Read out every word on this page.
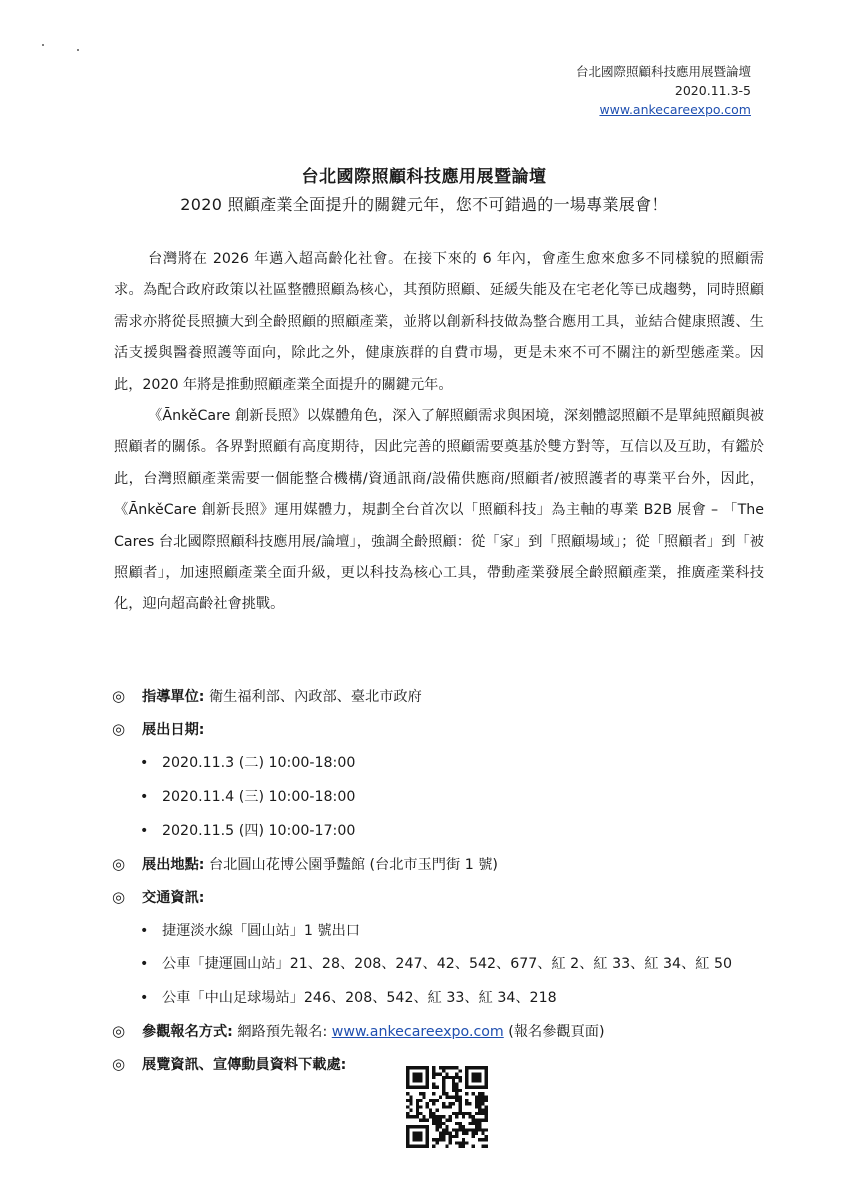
台北國際照顧科技應用展暨論壇
2020.11.3-5
www.ankecareexpo.com
台北國際照顧科技應用展暨論壇
2020 照顧產業全面提升的關鍵元年，您不可錯過的一場專業展會！

台灣將在 2026 年邁入超高齡化社會。在接下來的 6 年內，會產生愈來愈多不同樣貌的照顧需求。為配合政府政策以社區整體照顧為核心，其預防照顧、延緩失能及在宅老化等已成趨勢，同時照顧需求亦將從長照擴大到全齡照顧的照顧產業，並將以創新科技做為整合應用工具，並結合健康照護、生活支援與醫養照護等面向，除此之外，健康族群的自費市場，更是未來不可不關注的新型態產業。因此，2020 年將是推動照顧產業全面提升的關鍵元年。

《ĀnkěCare 創新長照》以媒體角色，深入了解照顧需求與困境，深刻體認照顧不是單純照顧與被照顧者的關係。各界對照顧有高度期待，因此完善的照顧需要奠基於雙方對等，互信以及互助，有鑑於此，台灣照顧產業需要一個能整合機構/資通訊商/設備供應商/照顧者/被照護者的專業平台外，因此，《ĀnkěCare 創新長照》運用媒體力，規劃全台首次以「照顧科技」為主軸的專業 B2B 展會 – 「The Cares 台北國際照顧科技應用展/論壇」，強調全齡照顧：從「家」到「照顧場域」；從「照顧者」到「被照顧者」，加速照顧產業全面升級，更以科技為核心工具，帶動產業發展全齡照顧產業，推廣產業科技化，迎向超高齡社會挑戰。

◎ 指導單位: 衛生福利部、內政部、臺北市政府
◎ 展出日期:
• 2020.11.3 (二) 10:00-18:00
• 2020.11.4 (三) 10:00-18:00
• 2020.11.5 (四) 10:00-17:00
◎ 展出地點: 台北圓山花博公園爭豔館 (台北市玉門街 1 號)
◎ 交通資訊:
• 捷運淡水線「圓山站」1 號出口
• 公車「捷運圓山站」21、28、208、247、42、542、677、紅 2、紅 33、紅 34、紅 50
• 公車「中山足球場站」246、208、542、紅 33、紅 34、218
◎ 參觀報名方式: 網路預先報名: www.ankecareexpo.com (報名參觀頁面)
◎ 展覽資訊、宣傳動員資料下載處:
